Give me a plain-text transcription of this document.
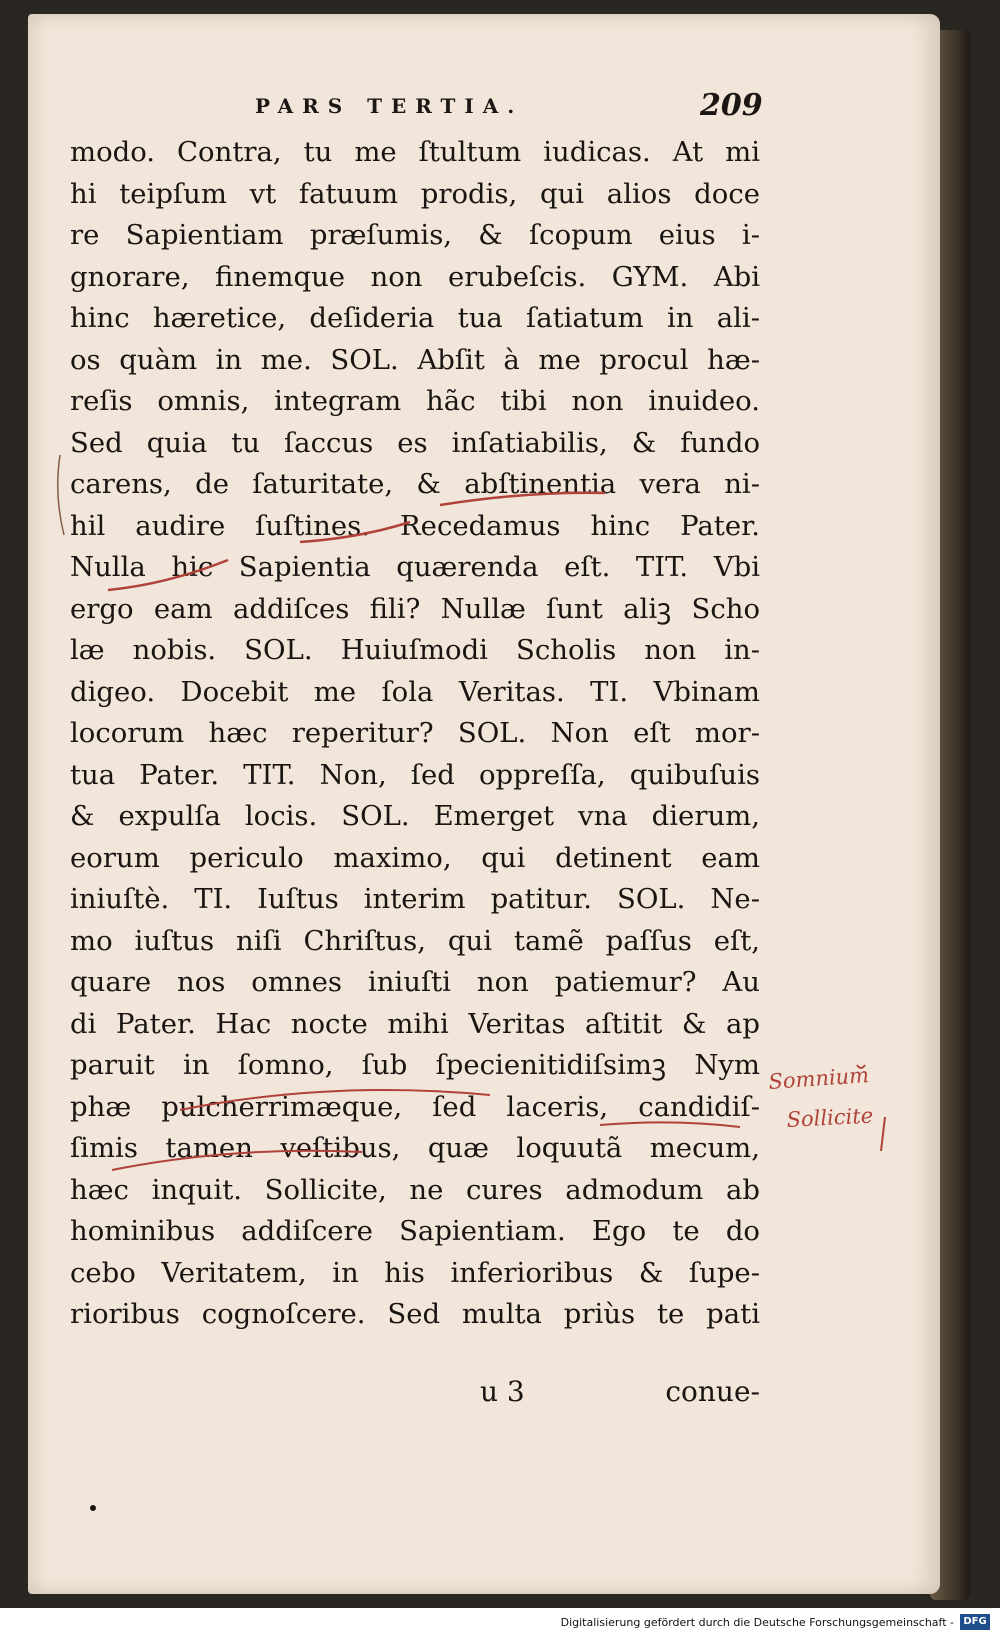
PARS TERTIA.	209
modo. Contra, tu me ſtultum iudicas. At mi
hi teipſum vt fatuum prodis, qui alios doce
re Sapientiam præſumis, & ſcopum eius i-
gnorare, finemque non erubeſcis. GYM. Abi
hinc hæretice, deſideria tua ſatiatum in ali-
os quàm in me. SOL. Abſit à me procul hæ-
reſis omnis, integram hãc tibi non inuideo.
Sed quia tu ſaccus es inſatiabilis, & fundo
carens, de ſaturitate, & abſtinentia vera ni-
hil audire ſuſtines. Recedamus hinc Pater.
Nulla hic Sapientia quærenda eſt. TIT. Vbi
ergo eam addiſces fili? Nullæ ſunt aliꝫ Scho
læ nobis. SOL. Huiuſmodi Scholis non in-
digeo. Docebit me ſola Veritas. TI. Vbinam
locorum hæc reperitur? SOL. Non eſt mor-
tua Pater. TIT. Non, ſed oppreſſa, quibuſuis
& expulſa locis. SOL. Emerget vna dierum,
eorum periculo maximo, qui detinent eam
iniuſtè. TI. Iuſtus interim patitur. SOL. Ne-
mo iuſtus niſi Chriſtus, qui tamẽ paſſus eſt,
quare nos omnes iniuſti non patiemur? Au
di Pater. Hac nocte mihi Veritas aſtitit & ap
paruit in ſomno, ſub ſpecienitidiſsimꝫ Nym
phæ pulcherrimæque, ſed laceris, candidiſ-
ſimis tamen veſtibus, quæ loquutã mecum,
hæc inquit. Sollicite, ne cures admodum ab
hominibus addiſcere Sapientiam. Ego te do
cebo Veritatem, in his inferioribus & ſupe-
rioribus cognoſcere. Sed multa priùs te pati
u 3	conue-
Somnium
Sollicite
Digitalisierung gefördert durch die Deutsche Forschungsgemeinschaft - DFG
